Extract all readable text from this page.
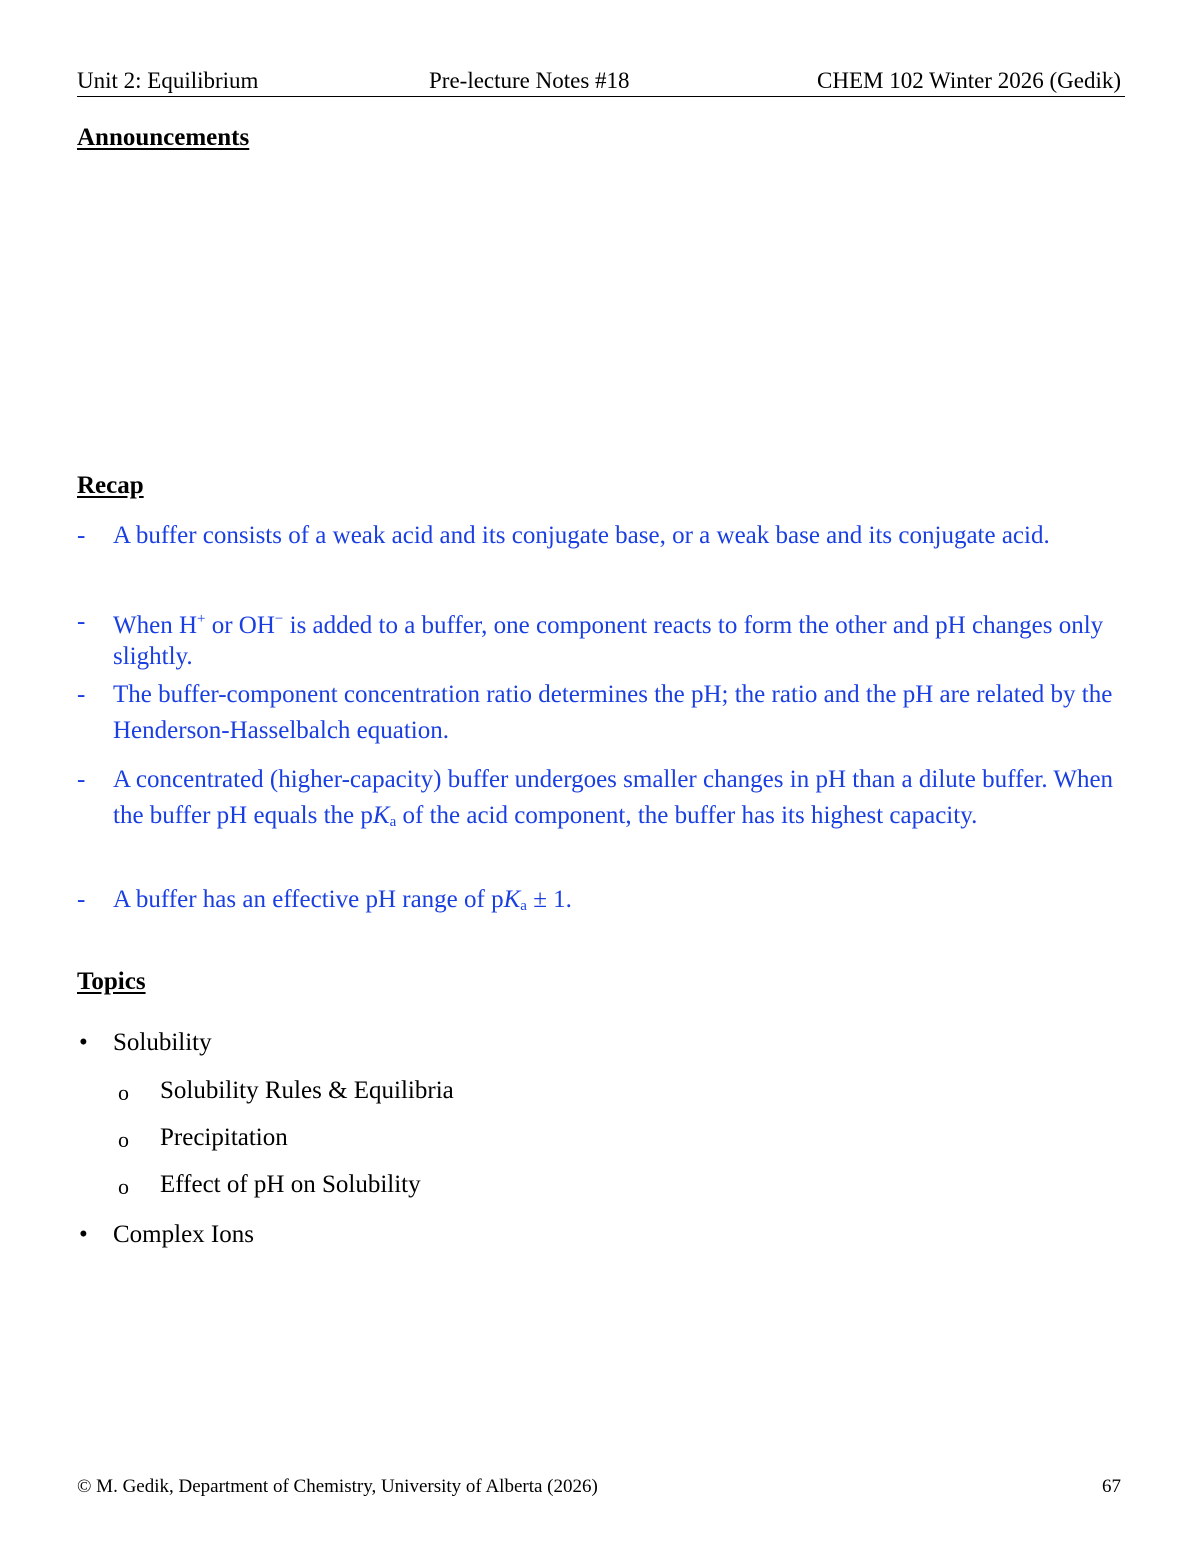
Unit 2: Equilibrium	Pre-lecture Notes #18	CHEM 102 Winter 2026 (Gedik)
Announcements
Recap
- A buffer consists of a weak acid and its conjugate base, or a weak base and its conjugate acid.
- When H+ or OH− is added to a buffer, one component reacts to form the other and pH changes only slightly.
- The buffer-component concentration ratio determines the pH; the ratio and the pH are related by the Henderson-Hasselbalch equation.
- A concentrated (higher-capacity) buffer undergoes smaller changes in pH than a dilute buffer. When the buffer pH equals the $pK_a$ of the acid component, the buffer has its highest capacity.
- A buffer has an effective pH range of $pK_a \pm 1$.
Topics
• Solubility
o Solubility Rules & Equilibria
o Precipitation
o Effect of pH on Solubility
• Complex Ions
© M. Gedik, Department of Chemistry, University of Alberta (2026)	67
